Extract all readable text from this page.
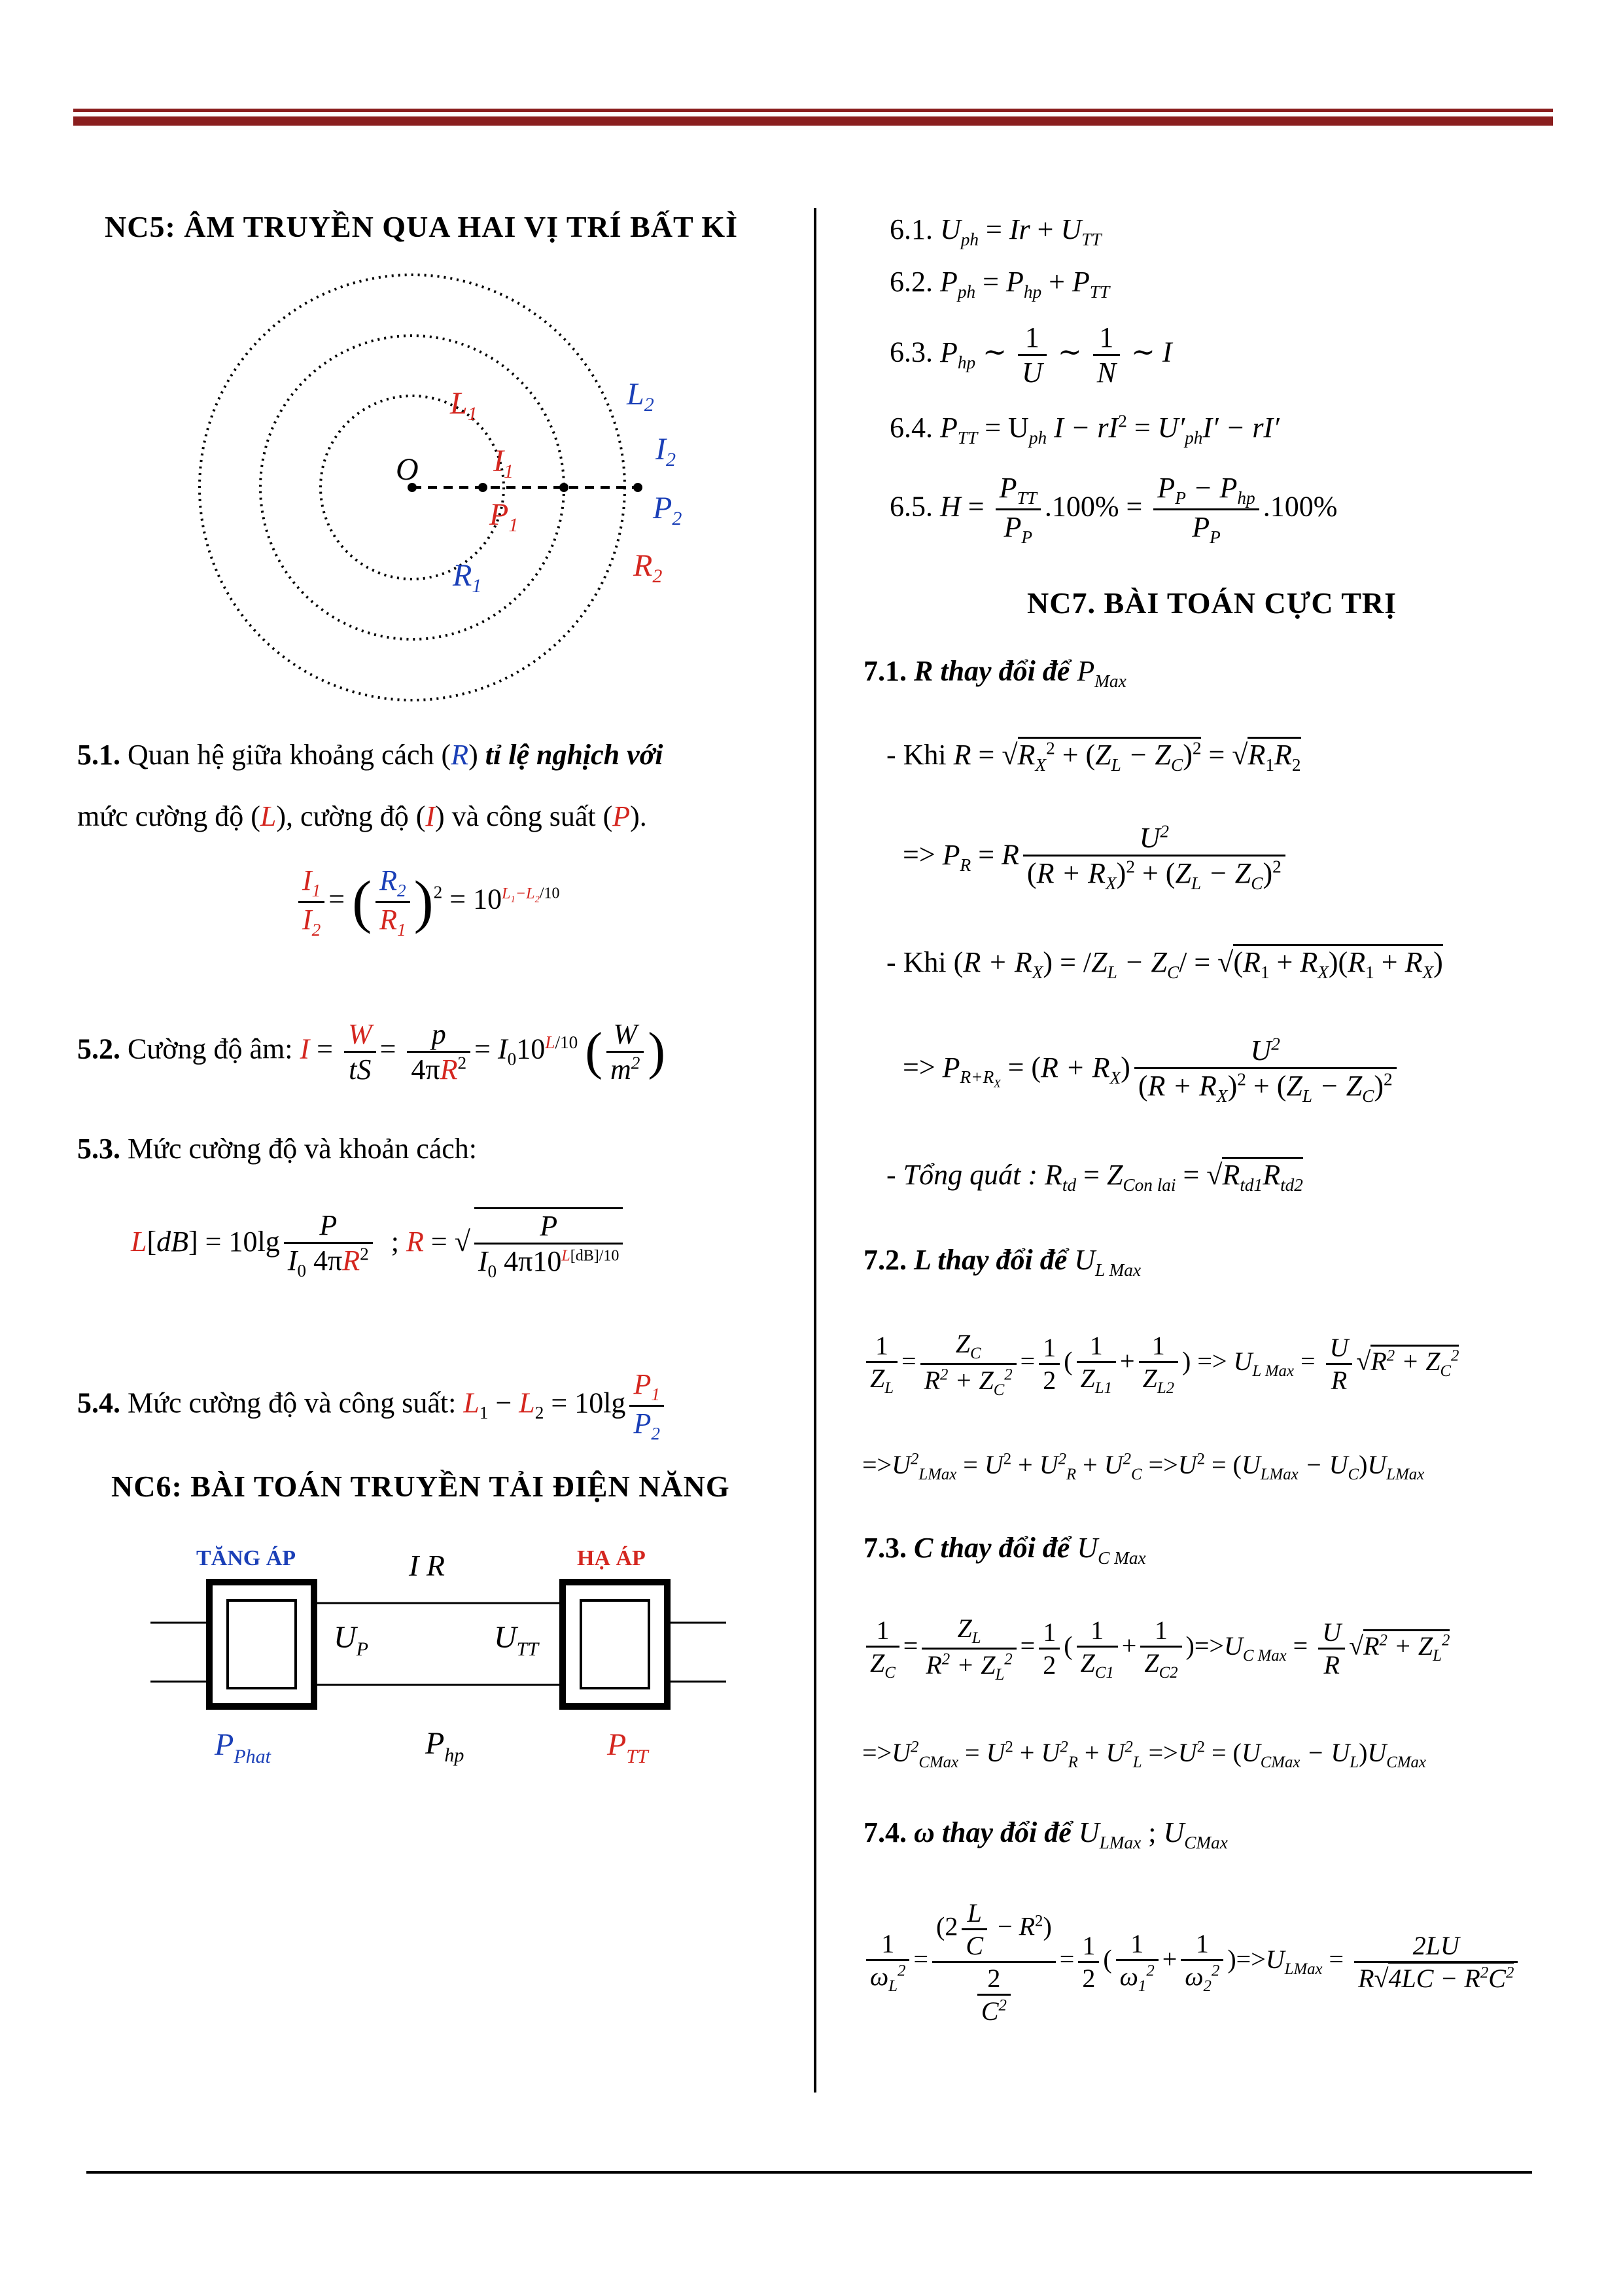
NC5: ÂM TRUYỀN QUA HAI VỊ TRÍ BẤT KÌ
O
$L_1$
$I_1$
$P_1$
$R_1$
$L_2$
$I_2$
$P_2$
$R_2$
5.1. Quan hệ giữa khoảng cách (R) tỉ lệ nghịch với
mức cường độ (L), cường độ (I) và công suất (P).
$\frac{I_1}{I_2}$ = ( $\frac{R_2}{R_1} )^2 = 10^{L_1-L_2/10}$
5.2. Cường độ âm: $I = \frac{W}{tS} = \frac{p}{4\pi R^2} = I_010^{L/10}$ ( $\frac{W}{m^2}$ )
5.3. Mức cường độ và khoản cách:
$L[dB] = 10\lg \frac{P}{I_0 4\pi R^2}$ ; R = √ $\frac{P}{I_0 4\pi 10^{L[dB]/10}}$
5.4. Mức cường độ và công suất: $L_1 - L_2 = 10\lg \frac{P_1}{P_2}$
NC6: BÀI TOÁN TRUYỀN TẢI ĐIỆN NĂNG
TĂNG ÁP	HẠ ÁP
I R
$U_P$	$U_{TT}$
$P_{Phat}$	$P_{hp}$	$P_{TT}$
6.1. $U_{ph} = Ir + U_{TT}$
6.2. $P_{ph} = P_{hp} + P_{TT}$
6.3. $P_{hp}$ ∼ $\frac{1}{U}$ ∼ $\frac{1}{N}$ ∼ I
6.4. $P_{TT} = U_{ph}$ $I - rI^2 = U'_{ph}I' - rI'$
6.5. $H = \frac{P_{TT}}{P_P} .100\% = \frac{P_P - P_{hp}}{P_P} .100\%$
NC7. BÀI TOÁN CỰC TRỊ
7.1. R thay đổi để $P_{Max}$
- Khi $R = √R_X^2 + (Z_L - Z_C)^2 = √R_1R_2$
=> $P_R = R \frac{U^2}{(R + R_X)^2 + (Z_L - Z_C)^2}$
- Khi $(R + R_X) = /Z_L - Z_C/ = √(R_1 + R_X)(R_1 + R_X)$
=> $P_{R+R_X} = (R + R_X) \frac{U^2}{(R + R_X)^2 + (Z_L - Z_C)^2}$
- Tổng quát : $R_{td} = Z_{Con lai} = √R_{td1}R_{td2}$
7.2. L thay đổi để $U_{L Max}$
$\frac{1}{Z_L} = \frac{Z_C}{R^2 + Z_C^2} = \frac{1}{2}$ ( $\frac{1}{Z_{L1}} + \frac{1}{Z_{L2}}$ ) => $U_{L Max} = \frac{U}{R} √R^2 + Z_C^2$
$=>U^2_{LMax} = U^2 + U^2_R + U^2_C =>U^2 = (U_{LMax} - U_C)U_{LMax}$
7.3. C thay đổi để $U_{C Max}$
$\frac{1}{Z_C} = \frac{Z_L}{R^2 + Z_L^2} = \frac{1}{2}$ ( $\frac{1}{Z_{C1}} + \frac{1}{Z_{C2}} )=>U_{C Max} = \frac{U}{R} √R^2 + Z_L^2$
$=>U^2_{CMax} = U^2 + U^2_R + U^2_L =>U^2 = (U_{CMax} - U_L)U_{CMax}$
7.4. ω thay đổi để $U_{LMax}$ ; $U_{CMax}$
$\frac{1}{\omega_L^2} = \frac{(2 \frac{L}{C} - R^2)}{\frac{2}{C^2}} = \frac{1}{2}$ ( $\frac{1}{\omega_1^2} + \frac{1}{\omega_2^2} )=>U_{LMax} = \frac{2LU}{R√4LC - R^2C^2}$
